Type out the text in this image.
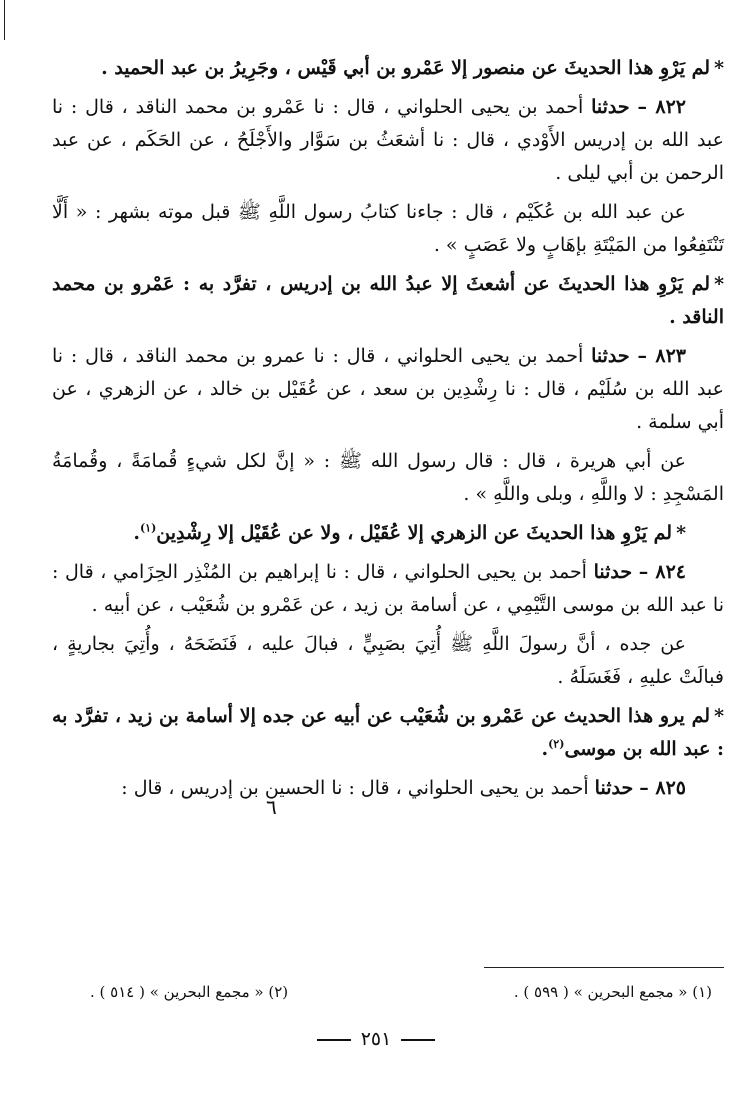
*لم يَرْوِ هذا الحديثَ عن منصور إلا عَمْرو بن أبي قَيْس ، وجَرِيرُ بن عبد الحميد .

٨٢٢ – حدثنا أحمد بن يحيى الحلواني ، قال : نا عَمْرو بن محمد الناقد ، قال : نا عبد الله بن إدريس الأَوْدي ، قال : نا أشعَثُ بن سَوَّار والأَجْلَحُ ، عن الحَكَم ، عن عبد الرحمن بن أبي ليلى .

عن عبد الله بن عُكَيْم ، قال : جاءنا كتابُ رسول اللَّهِ ﷺ قبل موته بشهر : « أَلَّا تَنْتَفِعُوا من المَيْتَةِ بإهَابٍ ولا عَصَبٍ » .

*لم يَرْوِ هذا الحديثَ عن أشعثَ إلا عبدُ الله بن إدريس ، تفرَّد به : عَمْرو بن محمد الناقد .

٨٢٣ – حدثنا أحمد بن يحيى الحلواني ، قال : نا عمرو بن محمد الناقد ، قال : نا عبد الله بن سُلَيْم ، قال : نا رِشْدِين بن سعد ، عن عُقَيْل بن خالد ، عن الزهري ، عن أبي سلمة .

عن أبي هريرة ، قال : قال رسول الله ﷺ : « إنَّ لكل شيءٍ قُمامَةً ، وقُمامَةُ المَسْجِدِ : لا واللَّهِ ، وبلى واللَّهِ » .

*لم يَرْوِ هذا الحديثَ عن الزهري إلا عُقَيْل ، ولا عن عُقَيْل إلا رِشْدِين$^{(١)}$.

٨٢٤ – حدثنا أحمد بن يحيى الحلواني ، قال : نا إبراهيم بن المُنْذِر الحِزَامي ، قال : نا عبد الله بن موسى التَّيْمِي ، عن أسامة بن زيد ، عن عَمْرو بن شُعَيْب ، عن أبيه .

عن جده ، أنَّ رسولَ اللَّهِ ﷺ أُتِيَ بصَبِيٍّ ، فبالَ عليه ، فَنَضَحَهُ ، وأُتِيَ بجاريةٍ ، فبالَتْ عليهِ ، فَغَسَلَهُ .

*لم يرو هذا الحديث عن عَمْرو بن شُعَيْب عن أبيه عن جده إلا أسامة بن زيد ، تفرَّد به : عبد الله بن موسى$^{(٢)}$.

٨٢٥ – حدثنا أحمد بن يحيى الحلواني ، قال : نا الحسين بن إدريس ، قال :

٦
(١) « مجمع البحرين » ( ٥٩٩ ) .
(٢) « مجمع البحرين » ( ٥١٤ ) .
٢٥١
